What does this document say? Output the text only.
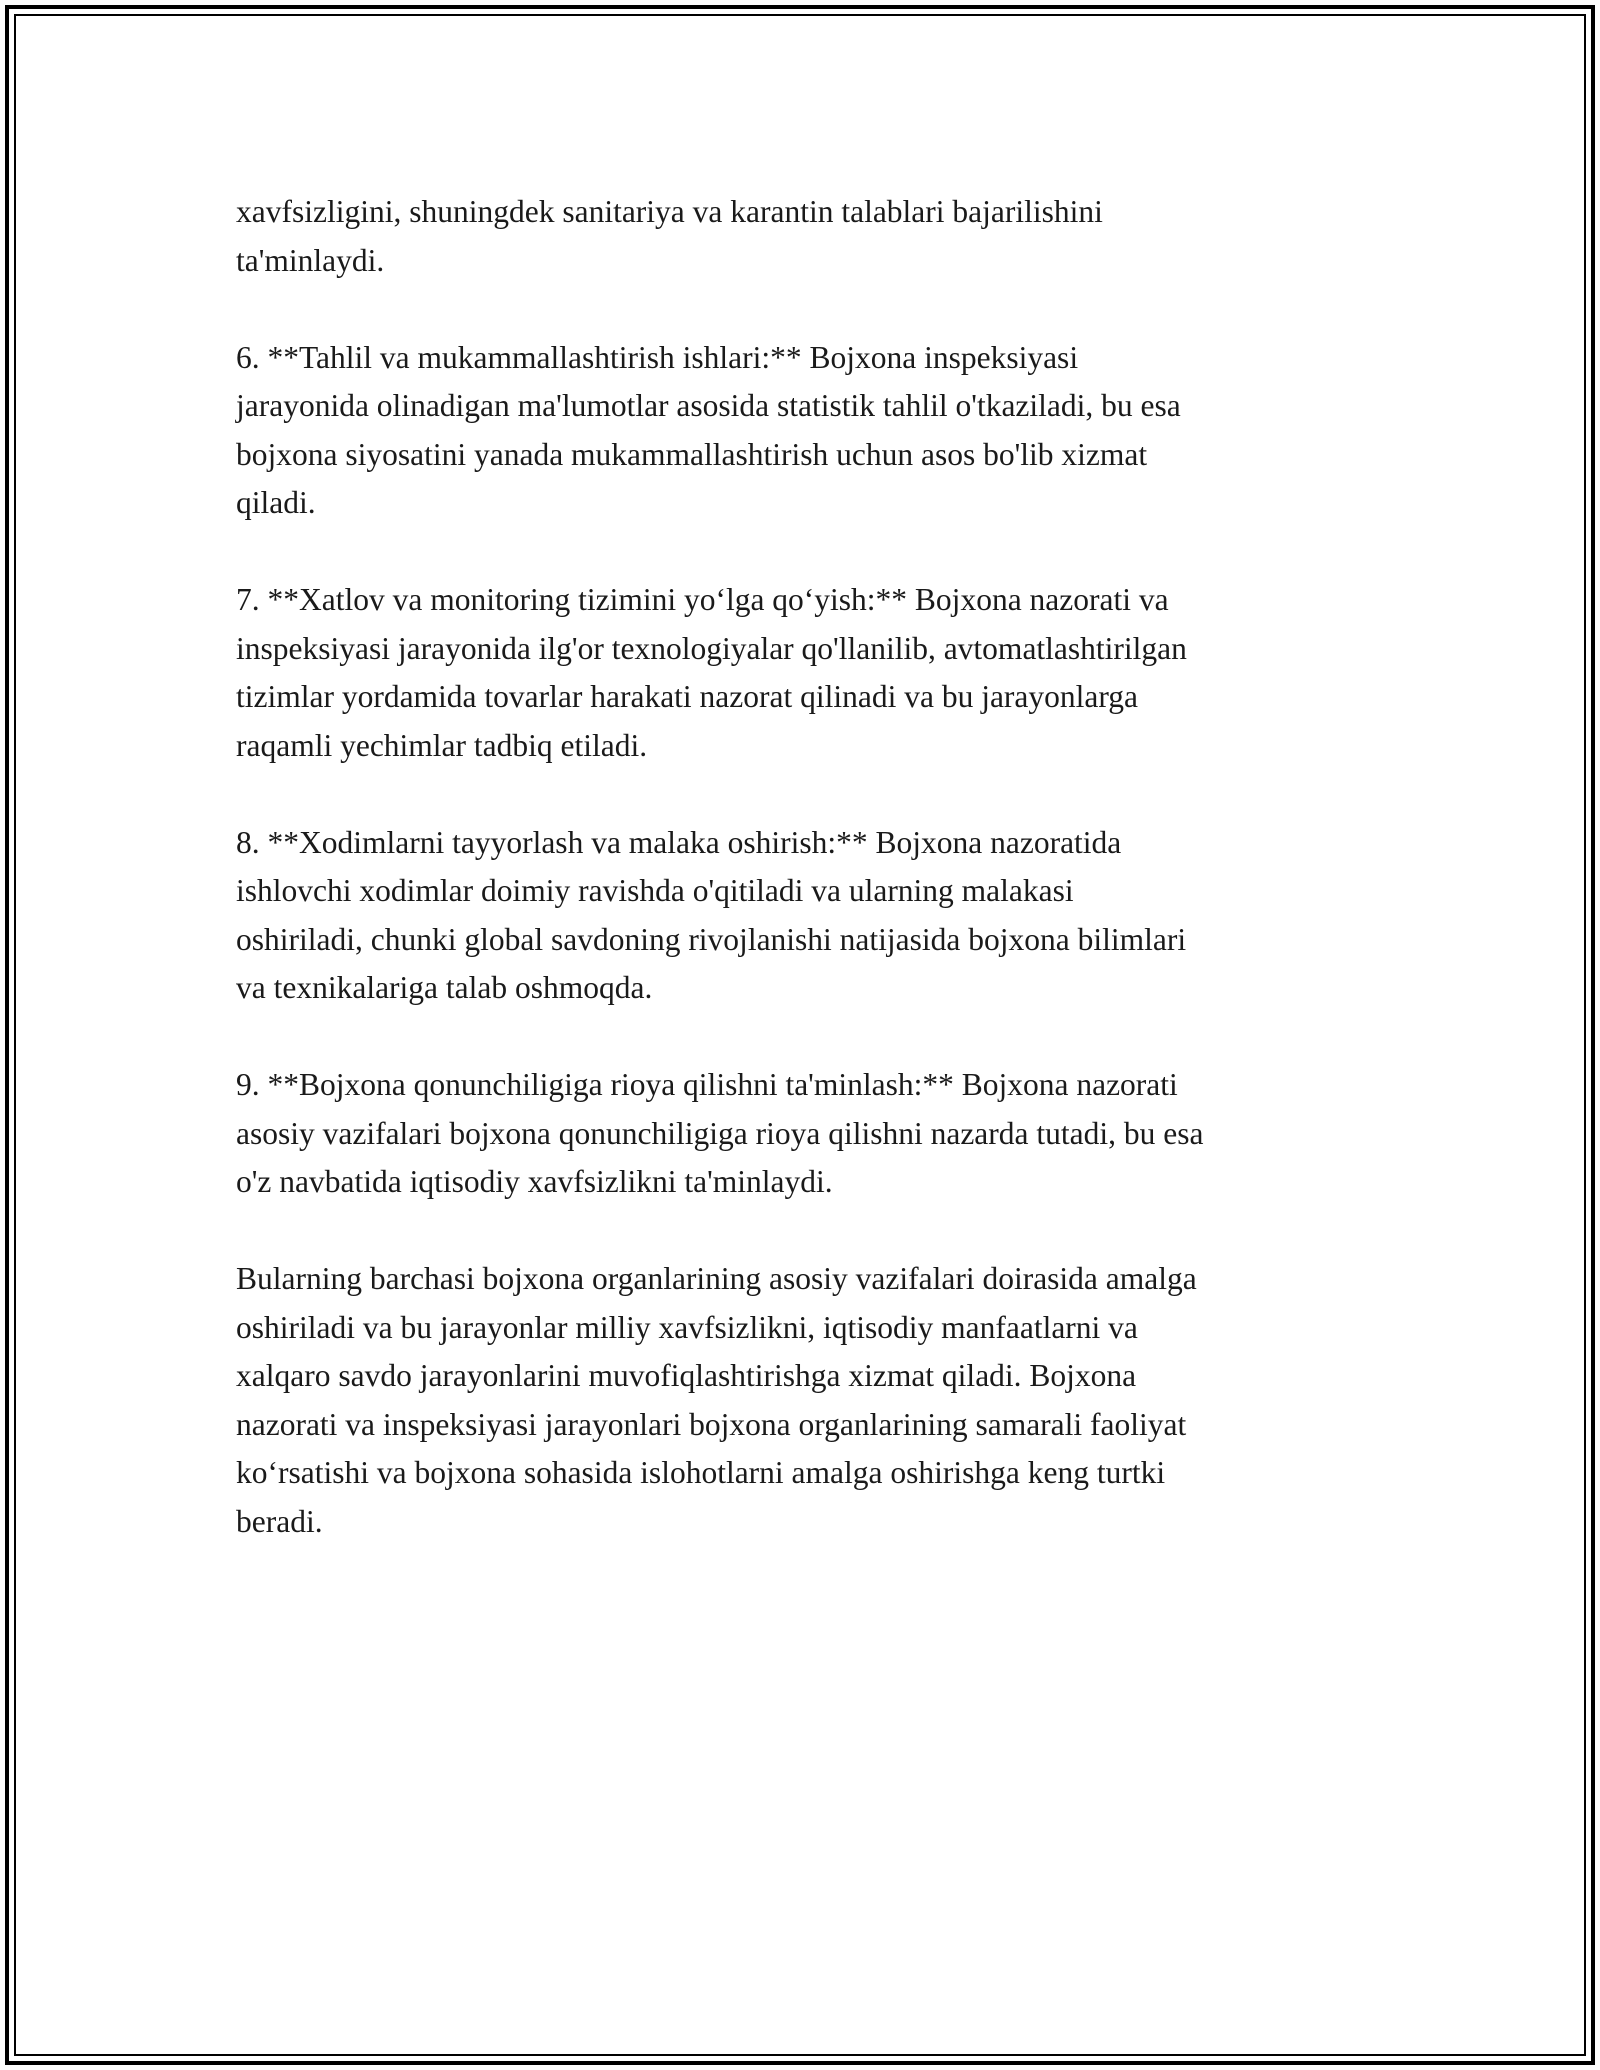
xavfsizligini, shuningdek sanitariya va karantin talablari bajarilishini
ta'minlaydi.

6. **Tahlil va mukammallashtirish ishlari:** Bojxona inspeksiyasi
jarayonida olinadigan ma'lumotlar asosida statistik tahlil o'tkaziladi, bu esa
bojxona siyosatini yanada mukammallashtirish uchun asos bo'lib xizmat
qiladi.

7. **Xatlov va monitoring tizimini yo‘lga qo‘yish:** Bojxona nazorati va
inspeksiyasi jarayonida ilg'or texnologiyalar qo'llanilib, avtomatlashtirilgan
tizimlar yordamida tovarlar harakati nazorat qilinadi va bu jarayonlarga
raqamli yechimlar tadbiq etiladi.

8. **Xodimlarni tayyorlash va malaka oshirish:** Bojxona nazoratida
ishlovchi xodimlar doimiy ravishda o'qitiladi va ularning malakasi
oshiriladi, chunki global savdoning rivojlanishi natijasida bojxona bilimlari
va texnikalariga talab oshmoqda.

9. **Bojxona qonunchiligiga rioya qilishni ta'minlash:** Bojxona nazorati
asosiy vazifalari bojxona qonunchiligiga rioya qilishni nazarda tutadi, bu esa
o'z navbatida iqtisodiy xavfsizlikni ta'minlaydi.

Bularning barchasi bojxona organlarining asosiy vazifalari doirasida amalga
oshiriladi va bu jarayonlar milliy xavfsizlikni, iqtisodiy manfaatlarni va
xalqaro savdo jarayonlarini muvofiqlashtirishga xizmat qiladi. Bojxona
nazorati va inspeksiyasi jarayonlari bojxona organlarining samarali faoliyat
ko‘rsatishi va bojxona sohasida islohotlarni amalga oshirishga keng turtki
beradi.
